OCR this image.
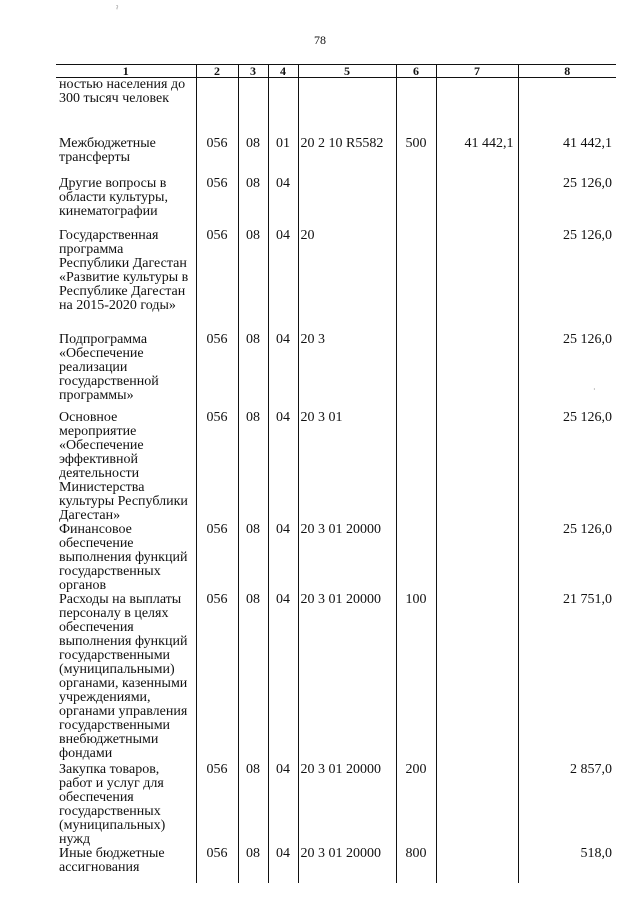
ˀ
78
·
1	2	3	4	5	6	7	8
ностью населения до 300 тысяч человек							
Межбюджетные трансферты	056	08	01	20 2 10 R5582	500	41 442,1	41 442,1
Другие вопросы в области культуры, кинематографии	056	08	04				25 126,0
Государственная программа Республики Дагестан «Развитие культуры в Республике Дагестан на 2015-2020 годы»	056	08	04	20			25 126,0
Подпрограмма «Обеспечение реализации государственной программы»	056	08	04	20 3			25 126,0
Основное мероприятие «Обеспечение эффективной деятельности Министерства культуры Республики Дагестан»	056	08	04	20 3 01			25 126,0
Финансовое обеспечение выполнения функций государственных органов	056	08	04	20 3 01 20000			25 126,0
Расходы на выплаты персоналу в целях обеспечения выполнения функций государственными (муниципальными) органами, казенными учреждениями, органами управления государственными внебюджетными фондами	056	08	04	20 3 01 20000	100		21 751,0
Закупка товаров, работ и услуг для обеспечения государственных (муниципальных) нужд	056	08	04	20 3 01 20000	200		2 857,0
Иные бюджетные ассигнования	056	08	04	20 3 01 20000	800		518,0
